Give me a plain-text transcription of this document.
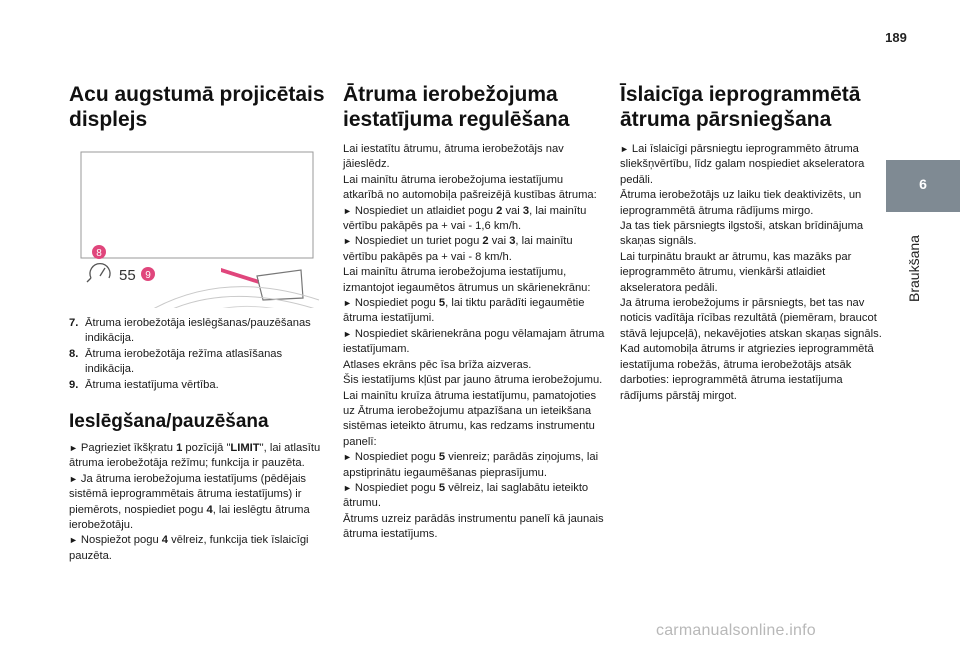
189
6
Braukšana
Acu augstumā projicētais displejs
55
8
9
7. Ātruma ierobežotāja ieslēgšanas/pauzēšanas indikācija.
8. Ātruma ierobežotāja režīma atlasīšanas indikācija.
9. Ātruma iestatījuma vērtība.
Ieslēgšana/pauzēšana

► Pagrieziet īkšķratu 1 pozīcijā "LIMIT", lai atlasītu ātruma ierobežotāja režīmu; funkcija ir pauzēta.

► Ja ātruma ierobežojuma iestatījums (pēdējais sistēmā ieprogrammētais ātruma iestatījums) ir piemērots, nospiediet pogu 4, lai ieslēgtu ātruma ierobežotāju.

► Nospiežot pogu 4 vēlreiz, funkcija tiek īslaicīgi pauzēta.

Ātruma ierobežojuma iestatījuma regulēšana

Lai iestatītu ātrumu, ātruma ierobežotājs nav jāieslēdz.

Lai mainītu ātruma ierobežojuma iestatījumu atkarībā no automobiļa pašreizējā kustības ātruma:

► Nospiediet un atlaidiet pogu 2 vai 3, lai mainītu vērtību pakāpēs pa + vai - 1,6 km/h.

► Nospiediet un turiet pogu 2 vai 3, lai mainītu vērtību pakāpēs pa + vai - 8 km/h.

Lai mainītu ātruma ierobežojuma iestatījumu, izmantojot iegaumētos ātrumus un skārienekrānu:

► Nospiediet pogu 5, lai tiktu parādīti iegaumētie ātruma iestatījumi.

► Nospiediet skārienekrāna pogu vēlamajam ātruma iestatījumam.

Atlases ekrāns pēc īsa brīža aizveras.

Šis iestatījums kļūst par jauno ātruma ierobežojumu.

Lai mainītu kruīza ātruma iestatījumu, pamatojoties uz Ātruma ierobežojumu atpazīšana un ieteikšana sistēmas ieteikto ātrumu, kas redzams instrumentu panelī:

► Nospiediet pogu 5 vienreiz; parādās ziņojums, lai apstiprinātu iegaumēšanas pieprasījumu.

► Nospiediet pogu 5 vēlreiz, lai saglabātu ieteikto ātrumu.

Ātrums uzreiz parādās instrumentu panelī kā jaunais ātruma iestatījums.

Īslaicīga ieprogrammētā ātruma pārsniegšana

► Lai īslaicīgi pārsniegtu ieprogrammēto ātruma sliekšņvērtību, līdz galam nospiediet akseleratora pedāli.

Ātruma ierobežotājs uz laiku tiek deaktivizēts, un ieprogrammētā ātruma rādījums mirgo.

Ja tas tiek pārsniegts ilgstoši, atskan brīdinājuma skaņas signāls.

Lai turpinātu braukt ar ātrumu, kas mazāks par ieprogrammēto ātrumu, vienkārši atlaidiet akseleratora pedāli.

Ja ātruma ierobežojums ir pārsniegts, bet tas nav noticis vadītāja rīcības rezultātā (piemēram, braucot stāvā lejupceļā), nekavējoties atskan skaņas signāls.

Kad automobiļa ātrums ir atgriezies ieprogrammētā iestatījuma robežās, ātruma ierobežotājs atsāk darboties: ieprogrammētā ātruma iestatījuma rādījums pārstāj mirgot.

carmanualsonline.info
